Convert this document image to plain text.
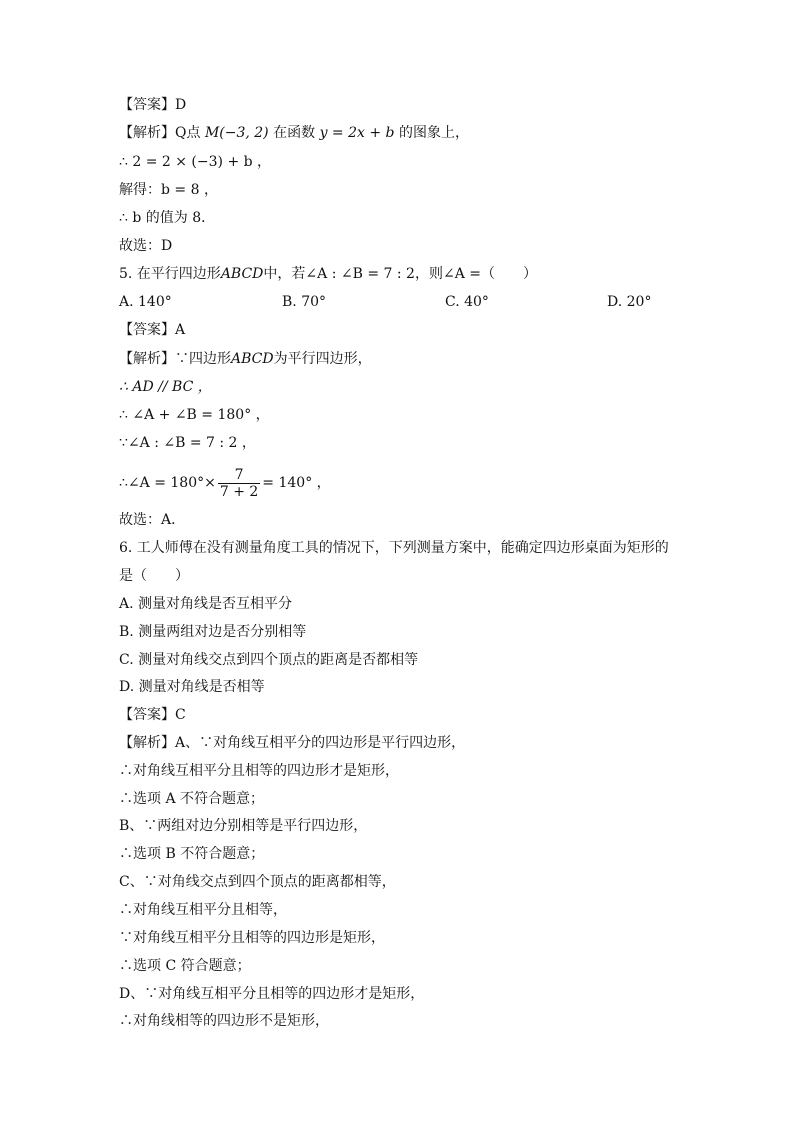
【答案】D
【解析】Q点 M(−3, 2) 在函数 y = 2x + b 的图象上，
∴ 2 = 2 × (−3) + b ，
解得：b = 8 ，
∴ b 的值为 8．
故选：D
5. 在平行四边形ABCD中，若∠A : ∠B = 7 : 2，则∠A =（　　）
A. 140°	B. 70°	C. 40°	D. 20°
【答案】A
【解析】∵四边形ABCD为平行四边形，
∴ AD // BC ，
∴ ∠A + ∠B = 180° ，
∵∠A : ∠B = 7 : 2 ，
∴∠A = $180^\circ\times \frac{7}{7 + 2} = 140^\circ$ ，
故选：A．
6. 工人师傅在没有测量角度工具的情况下，下列测量方案中，能确定四边形桌面为矩形的
是（　　）
A. 测量对角线是否互相平分
B. 测量两组对边是否分别相等
C. 测量对角线交点到四个顶点的距离是否都相等
D. 测量对角线是否相等
【答案】C
【解析】A、∵对角线互相平分的四边形是平行四边形，
∴对角线互相平分且相等的四边形才是矩形，
∴选项 A 不符合题意；
B、∵两组对边分别相等是平行四边形，
∴选项 B 不符合题意；
C、∵对角线交点到四个顶点的距离都相等，
∴对角线互相平分且相等，
∵对角线互相平分且相等的四边形是矩形，
∴选项 C 符合题意；
D、∵对角线互相平分且相等的四边形才是矩形，
∴对角线相等的四边形不是矩形，
